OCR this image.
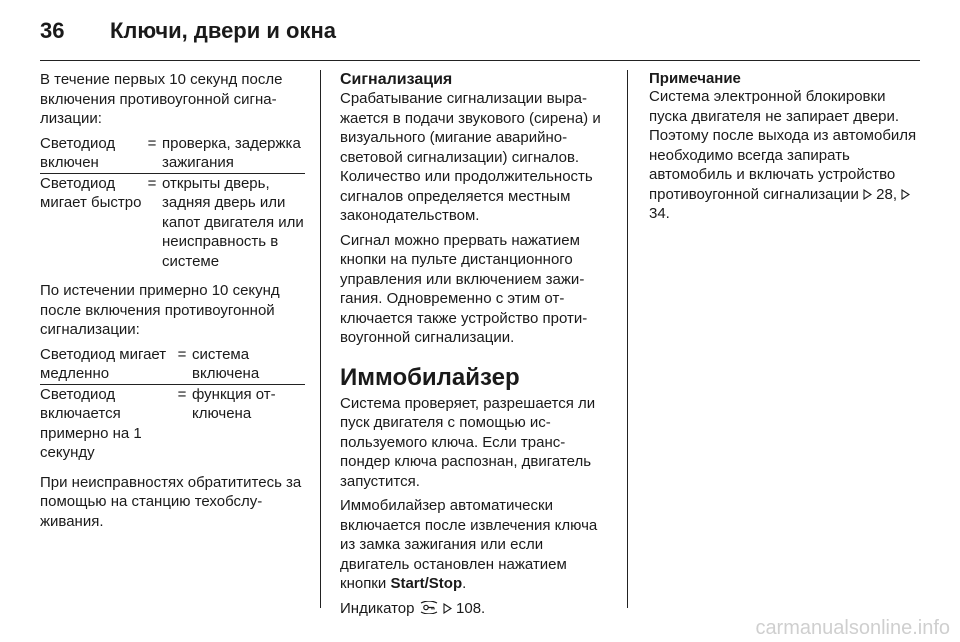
36 Ключи, двери и окна

В течение первых 10 секунд после включения противоугонной сигнализации:

Светодиод включен	=	проверка, задержка зажигания
Светодиод мигает быстро	=	открыты дверь, задняя дверь или капот двигателя или неисправность в системе

По истечении примерно 10 секунд после включения противоугонной сигнализации:

Светодиод мигает медленно	=	система включена
Светодиод включается примерно на 1 секунду	=	функция отключена

При неисправностях обратититесь за помощью на станцию техобслуживания.

Сигнализация

Срабатывание сигнализации выражается в подачи звукового (сирена) и визуального (мигание аварийносветовой сигнализации) сигналов. Количество или продолжительность сигналов определяется местным законодательством.

Сигнал можно прервать нажатием кнопки на пульте дистанционного управления или включением зажигания. Одновременно с этим отключается также устройство противоугонной сигнализации.

Иммобилайзер

Система проверяет, разрешается ли пуск двигателя с помощью используемого ключа. Если транспондер ключа распознан, двигатель запустится.

Иммобилайзер автоматически включается после извлечения ключа из замка зажигания или если двигатель остановлен нажатием кнопки Start/Stop.

Индикатор	108.

Примечание

Система электронной блокировки пуска двигателя не запирает двери. Поэтому после выхода из автомобиля необходимо всегда запирать автомобиль и включать устройство противоугонной сигнализации 28,  34.

carmanualsonline.info
